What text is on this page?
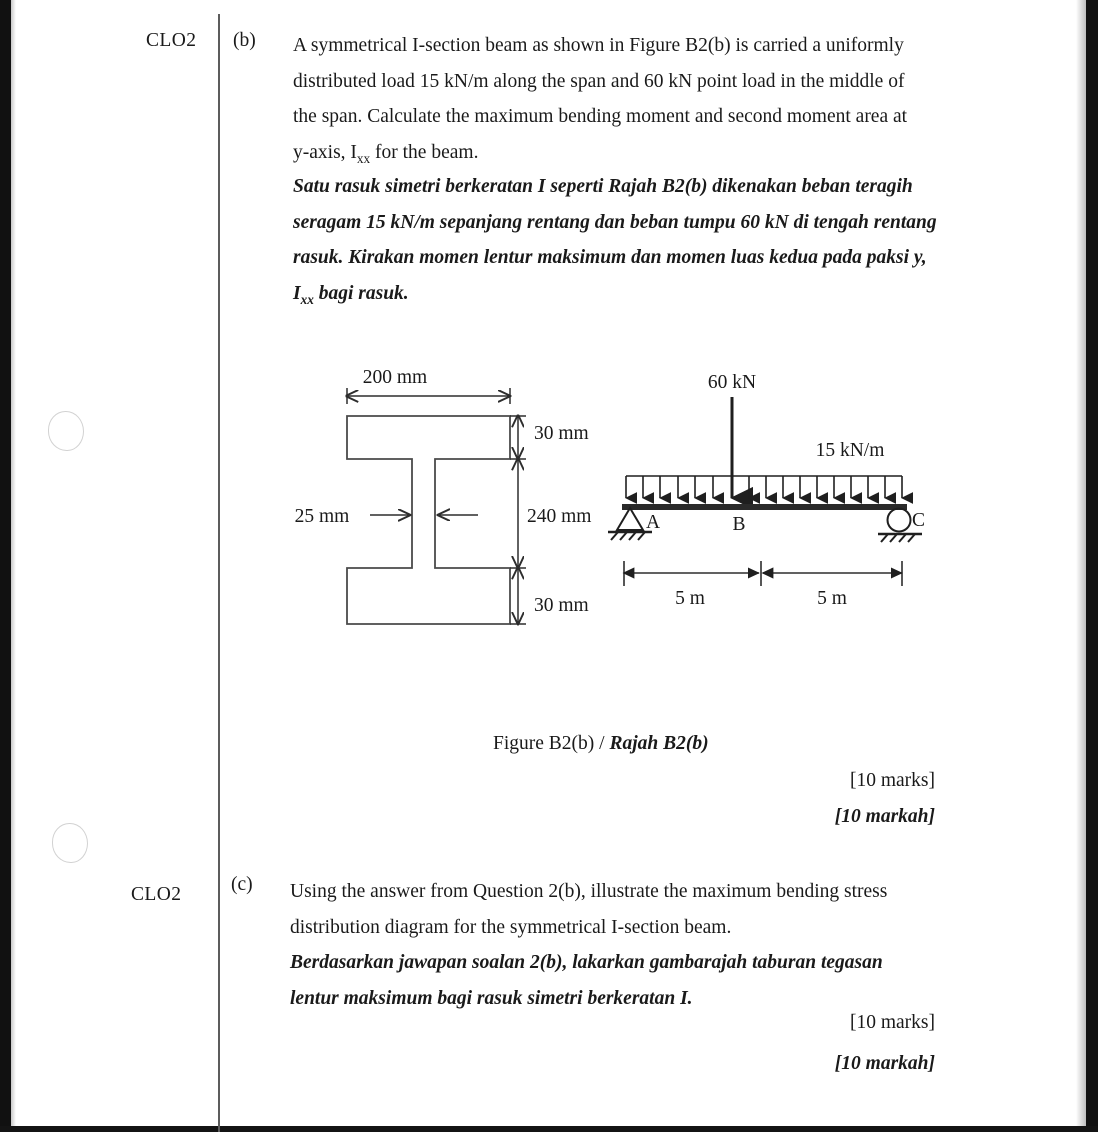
CLO2 (b) A symmetrical I-section beam as shown in Figure B2(b) is carried a uniformly

distributed load 15 kN/m along the span and 60 kN point load in the middle of

the span. Calculate the maximum bending moment and second moment area at

y-axis, $I_{xx}$ for the beam.

Satu rasuk simetri berkeratan I seperti Rajah B2(b) dikenakan beban teragih

seragam 15 kN/m sepanjang rentang dan beban tumpu 60 kN di tengah rentang

rasuk. Kirakan momen lentur maksimum dan momen luas kedua pada paksi y,

$I_{xx}$ bagi rasuk.

200 mm
30 mm
240 mm
30 mm
25 mm
60 kN
15 kN/m
A	B	C
5 m	5 m
Figure B2(b) / Rajah B2(b)
[10 marks]
[10 markah]
CLO2	(c) Using the answer from Question 2(b), illustrate the maximum bending stress

distribution diagram for the symmetrical I-section beam.

Berdasarkan jawapan soalan 2(b), lakarkan gambarajah taburan tegasan

lentur maksimum bagi rasuk simetri berkeratan I.

[10 marks]
[10 markah]
